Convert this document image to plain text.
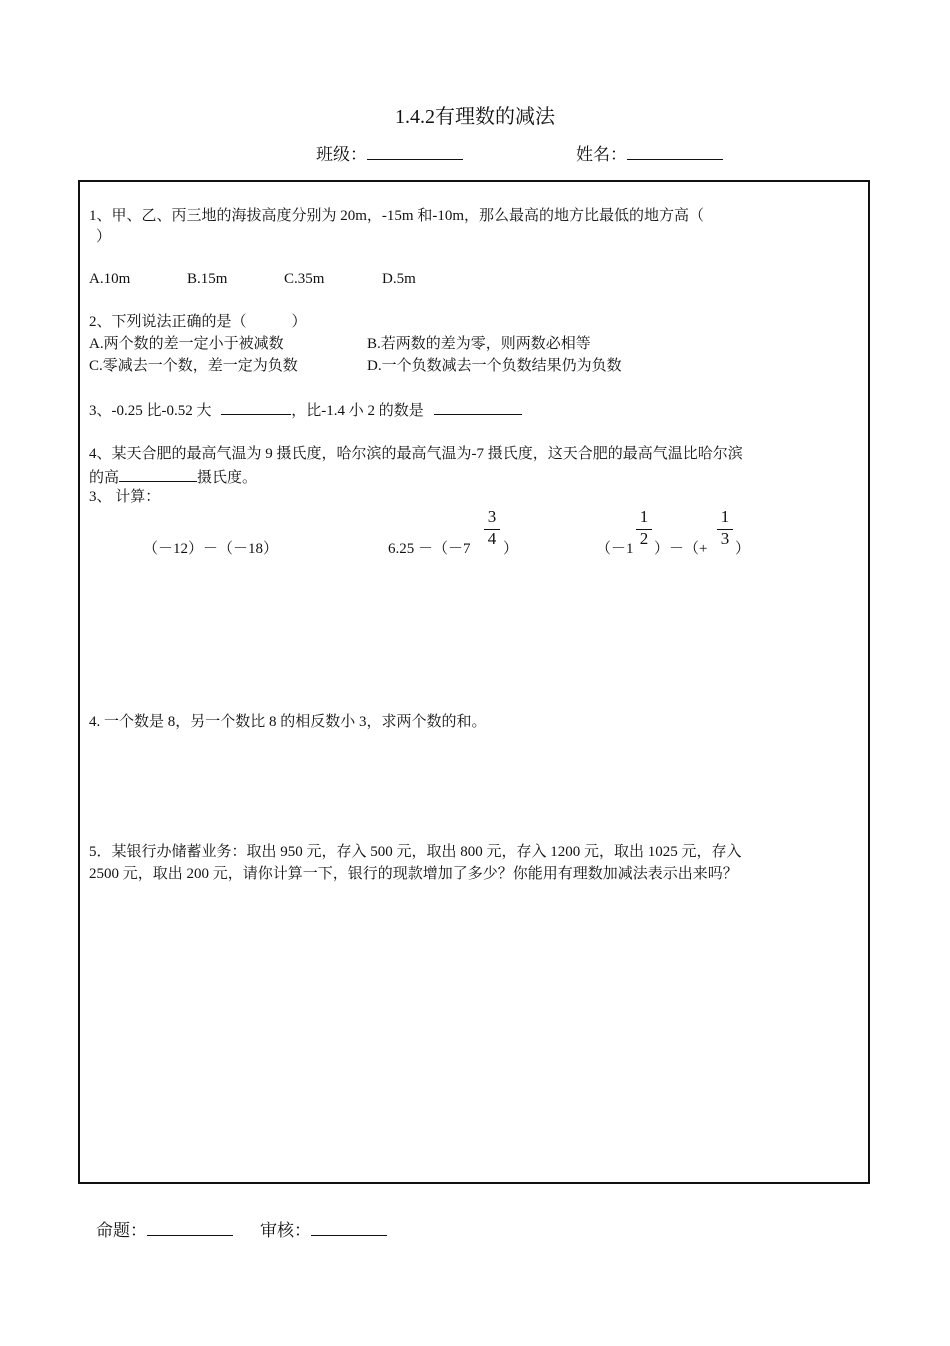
1.4.2有理数的减法
班级：	姓名：
1、甲、乙、丙三地的海拔高度分别为 20m，-15m 和-10m，那么最高的地方比最低的地方高（
）
A.10m	B.15m	C.35m	D.5m
2、下列说法正确的是（　　　）
A.两个数的差一定小于被减数	B.若两数的差为零，则两数必相等
C.零减去一个数，差一定为负数	D.一个负数减去一个负数结果仍为负数
3、-0.25 比-0.52 大	，比-1.4 小 2 的数是
4、某天合肥的最高气温为 9 摄氏度，哈尔滨的最高气温为-7 摄氏度，这天合肥的最高气温比哈尔滨
的高	摄氏度。
3、 计算：
（－12）－（－18）	6.25 －（－7
3
4
）	（－1
1
2
）－（+
1
3
）
4. 一个数是 8，另一个数比 8 的相反数小 3，求两个数的和。
5．某银行办储蓄业务：取出 950 元，存入 500 元，取出 800 元，存入 1200 元，取出 1025 元，存入
2500 元，取出 200 元，请你计算一下，银行的现款增加了多少？你能用有理数加减法表示出来吗？
命题：	审核：
